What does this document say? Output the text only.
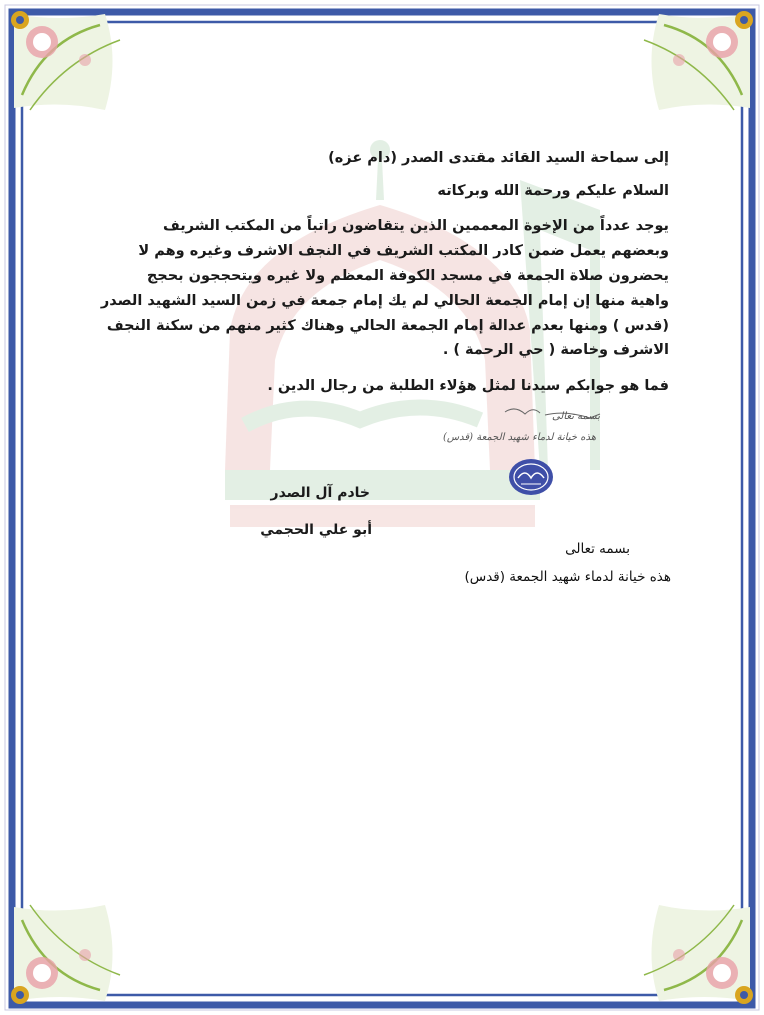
بسمه تعالى
هذه خيانة لدماء شهيد الجمعة (قدس)
إلى سماحة السيد القائد مقتدى الصدر (دام عزه)
السلام عليكم ورحمة الله وبركاته
يوجد عدداً من الإخوة المعممين الذين يتقاضون راتباً من المكتب الشريف
وبعضهم يعمل ضمن كادر المكتب الشريف في النجف الاشرف وغيره وهم لا
يحضرون صلاة الجمعة في مسجد الكوفة المعظم ولا غيره ويتحججون بحجج
واهية منها إن إمام الجمعة الحالي لم يك إمام جمعة في زمن السيد الشهيد الصدر
(قدس ) ومنها بعدم عدالة إمام الجمعة الحالي وهناك كثير منهم من سكنة النجف
الاشرف وخاصة ( حي الرحمة ) .
فما هو جوابكم سيدنا لمثل هؤلاء الطلبة من رجال الدين .
خادم آل الصدر
أبو علي الحجمي
بسمه تعالى
هذه خيانة لدماء شهيد الجمعة (قدس)
